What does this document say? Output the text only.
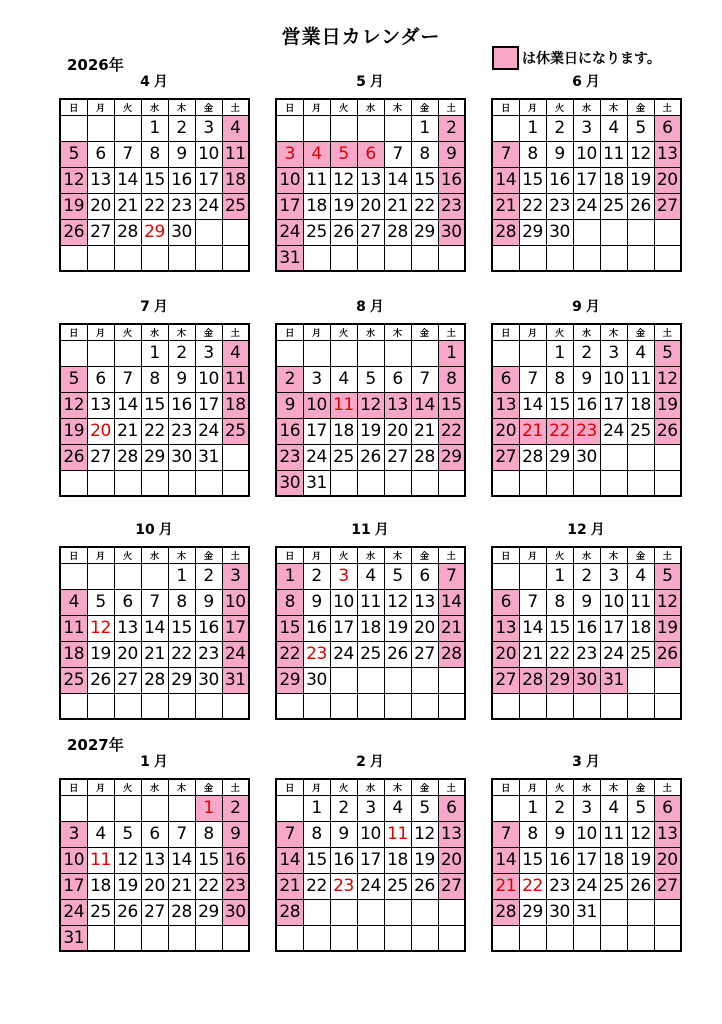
営業日カレンダー
は休業日になります。
2026年
4 月
日	月	火	水	木	金	土
			1	2	3	4
5	6	7	8	9	10	11
12	13	14	15	16	17	18
19	20	21	22	23	24	25
26	27	28	29	30		

5 月
日	月	火	水	木	金	土
					1	2
3	4	5	6	7	8	9
10	11	12	13	14	15	16
17	18	19	20	21	22	23
24	25	26	27	28	29	30
31						
6 月
日	月	火	水	木	金	土
	1	2	3	4	5	6
7	8	9	10	11	12	13
14	15	16	17	18	19	20
21	22	23	24	25	26	27
28	29	30				

7 月
日	月	火	水	木	金	土
			1	2	3	4
5	6	7	8	9	10	11
12	13	14	15	16	17	18
19	20	21	22	23	24	25
26	27	28	29	30	31	

8 月
日	月	火	水	木	金	土
						1
2	3	4	5	6	7	8
9	10	11	12	13	14	15
16	17	18	19	20	21	22
23	24	25	26	27	28	29
30	31					
9 月
日	月	火	水	木	金	土
		1	2	3	4	5
6	7	8	9	10	11	12
13	14	15	16	17	18	19
20	21	22	23	24	25	26
27	28	29	30			

10 月
日	月	火	水	木	金	土
				1	2	3
4	5	6	7	8	9	10
11	12	13	14	15	16	17
18	19	20	21	22	23	24
25	26	27	28	29	30	31

11 月
日	月	火	水	木	金	土
1	2	3	4	5	6	7
8	9	10	11	12	13	14
15	16	17	18	19	20	21
22	23	24	25	26	27	28
29	30					

12 月
日	月	火	水	木	金	土
		1	2	3	4	5
6	7	8	9	10	11	12
13	14	15	16	17	18	19
20	21	22	23	24	25	26
27	28	29	30	31		

2027年
1 月
日	月	火	水	木	金	土
					1	2
3	4	5	6	7	8	9
10	11	12	13	14	15	16
17	18	19	20	21	22	23
24	25	26	27	28	29	30
31						
2 月
日	月	火	水	木	金	土
	1	2	3	4	5	6
7	8	9	10	11	12	13
14	15	16	17	18	19	20
21	22	23	24	25	26	27
28						

3 月
日	月	火	水	木	金	土
	1	2	3	4	5	6
7	8	9	10	11	12	13
14	15	16	17	18	19	20
21	22	23	24	25	26	27
28	29	30	31			
